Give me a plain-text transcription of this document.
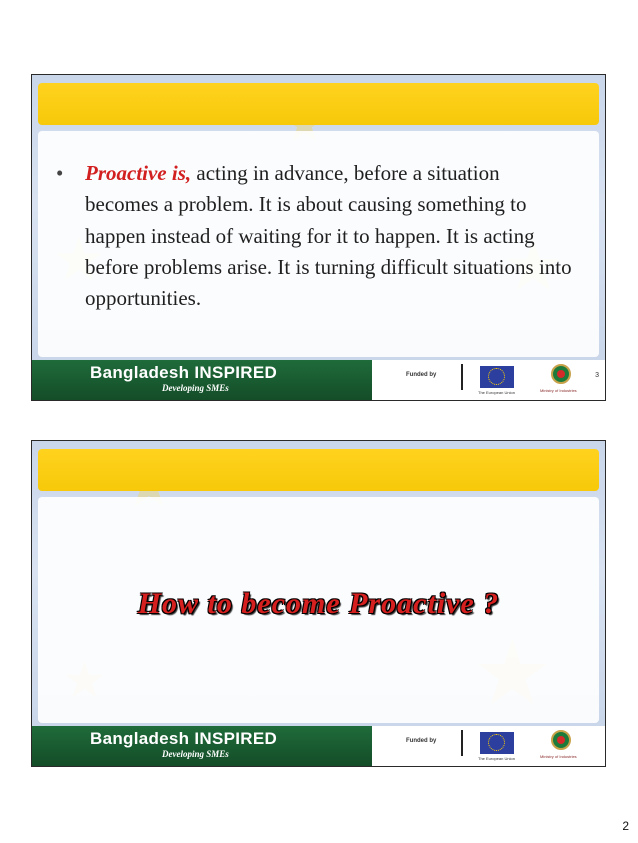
• Proactive is, acting in advance, before a situation becomes a problem. It is about causing something to happen instead of waiting for it to happen. It is acting before problems arise. It is turning difficult situations into opportunities.
Bangladesh INSPIRED
Developing SMEs
Funded by
The European Union	Ministry of Industries
3
How to become Proactive ?
Bangladesh INSPIRED
Developing SMEs
Funded by
The European Union	Ministry of Industries
2
